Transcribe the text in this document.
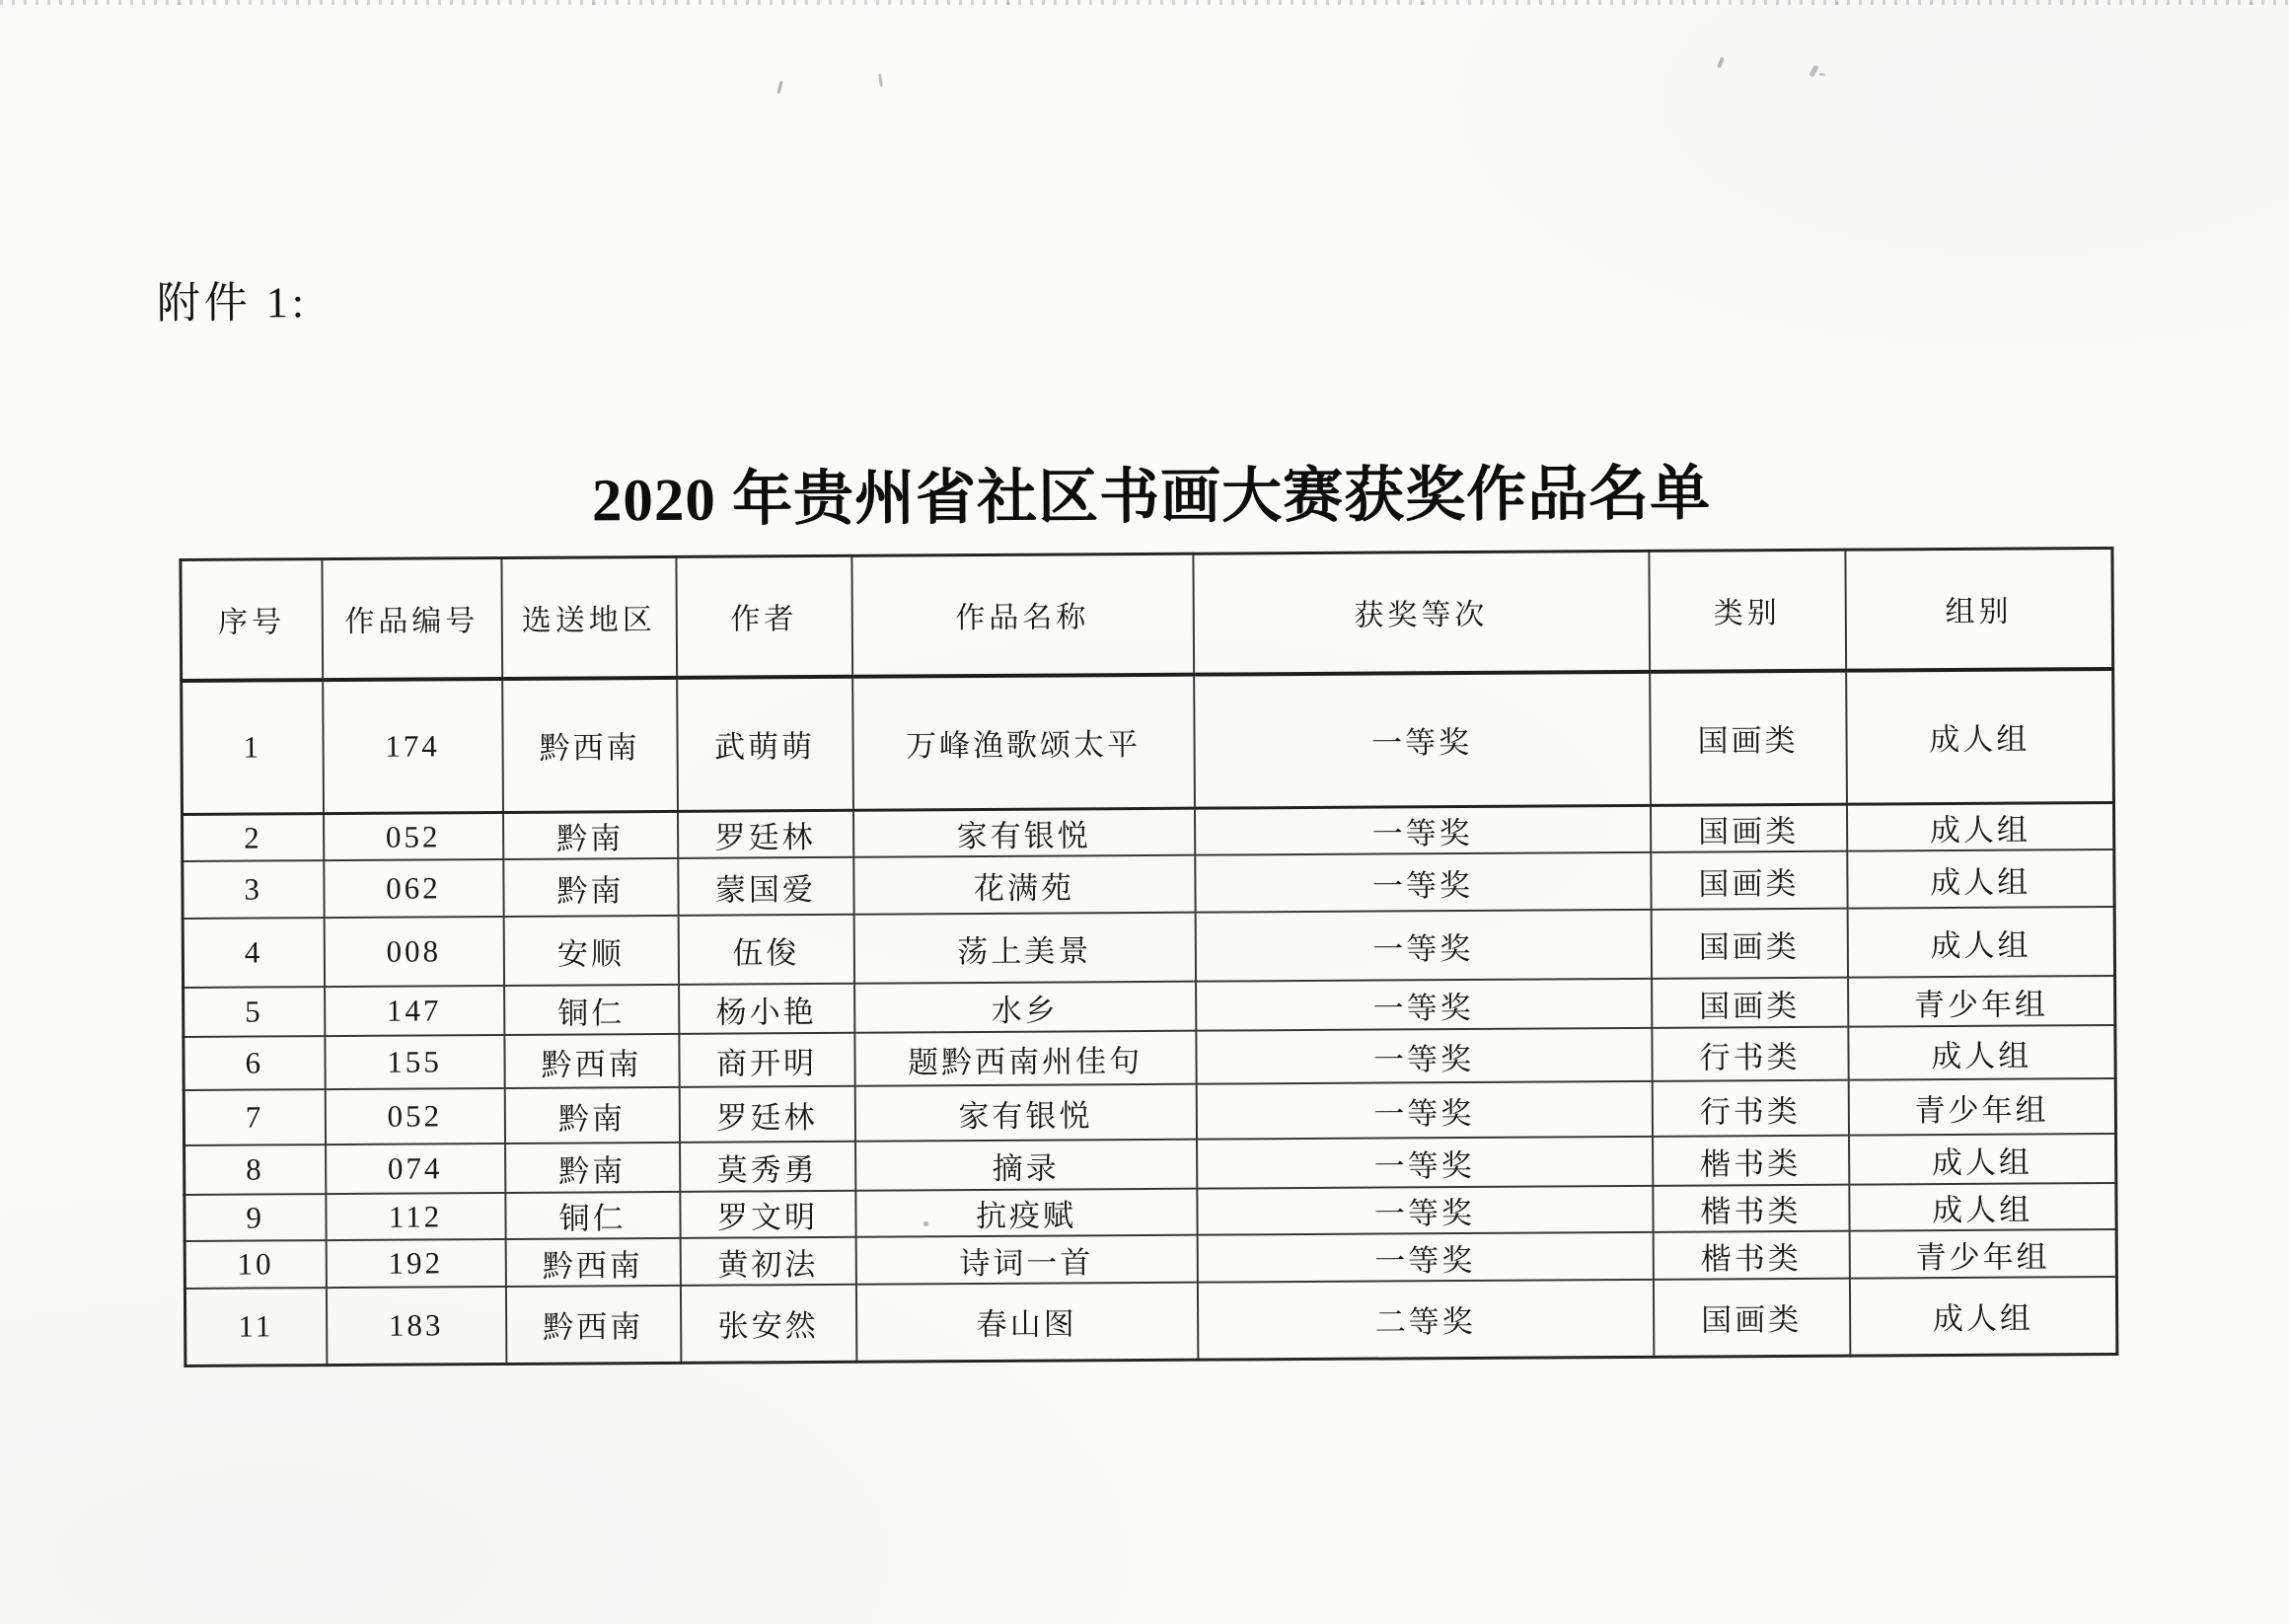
附件 1:
2020 年贵州省社区书画大赛获奖作品名单
序号	作品编号	选送地区	作者	作品名称	获奖等次	类别	组别
1	174	黔西南	武萌萌	万峰渔歌颂太平	一等奖	国画类	成人组
2	052	黔南	罗廷林	家有银悦	一等奖	国画类	成人组
3	062	黔南	蒙国爱	花满苑	一等奖	国画类	成人组
4	008	安顺	伍俊	荡上美景	一等奖	国画类	成人组
5	147	铜仁	杨小艳	水乡	一等奖	国画类	青少年组
6	155	黔西南	商开明	题黔西南州佳句	一等奖	行书类	成人组
7	052	黔南	罗廷林	家有银悦	一等奖	行书类	青少年组
8	074	黔南	莫秀勇	摘录	一等奖	楷书类	成人组
9	112	铜仁	罗文明	抗疫赋	一等奖	楷书类	成人组
10	192	黔西南	黄初法	诗词一首	一等奖	楷书类	青少年组
11	183	黔西南	张安然	春山图	二等奖	国画类	成人组
